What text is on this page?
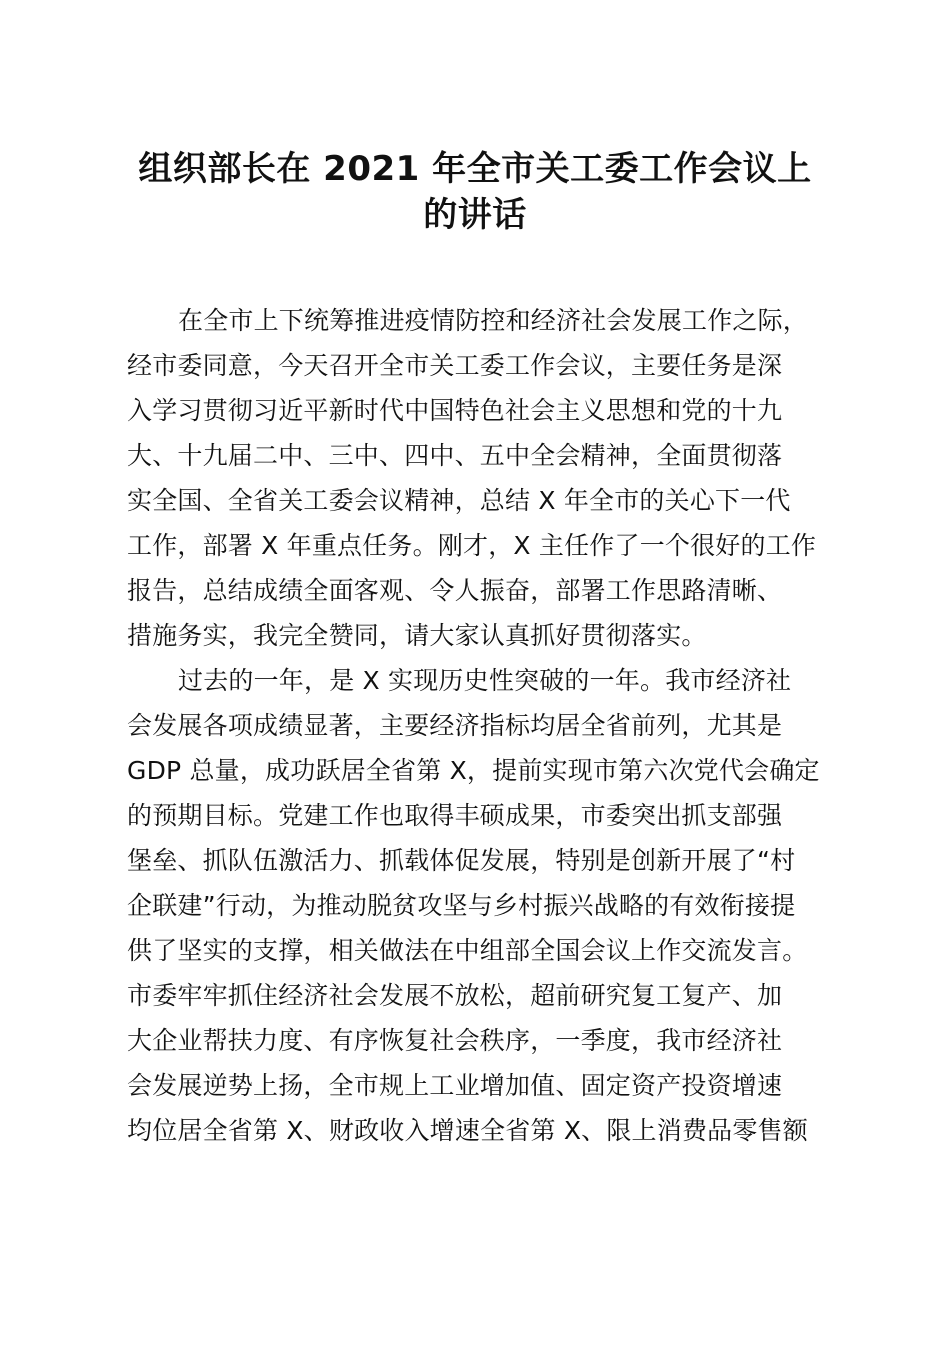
组织部长在 2021 年全市关工委工作会议上
的讲话
在全市上下统筹推进疫情防控和经济社会发展工作之际，
经市委同意，今天召开全市关工委工作会议，主要任务是深
入学习贯彻习近平新时代中国特色社会主义思想和党的十九
大、十九届二中、三中、四中、五中全会精神，全面贯彻落
实全国、全省关工委会议精神，总结 X 年全市的关心下一代
工作，部署 X 年重点任务。刚才，X 主任作了一个很好的工作
报告，总结成绩全面客观、令人振奋，部署工作思路清晰、
措施务实，我完全赞同，请大家认真抓好贯彻落实。
过去的一年，是 X 实现历史性突破的一年。我市经济社
会发展各项成绩显著，主要经济指标均居全省前列，尤其是
GDP 总量，成功跃居全省第 X，提前实现市第六次党代会确定
的预期目标。党建工作也取得丰硕成果，市委突出抓支部强
堡垒、抓队伍激活力、抓载体促发展，特别是创新开展了“村
企联建”行动，为推动脱贫攻坚与乡村振兴战略的有效衔接提
供了坚实的支撑，相关做法在中组部全国会议上作交流发言。
市委牢牢抓住经济社会发展不放松，超前研究复工复产、加
大企业帮扶力度、有序恢复社会秩序，一季度，我市经济社
会发展逆势上扬，全市规上工业增加值、固定资产投资增速
均位居全省第 X、财政收入增速全省第 X、限上消费品零售额
